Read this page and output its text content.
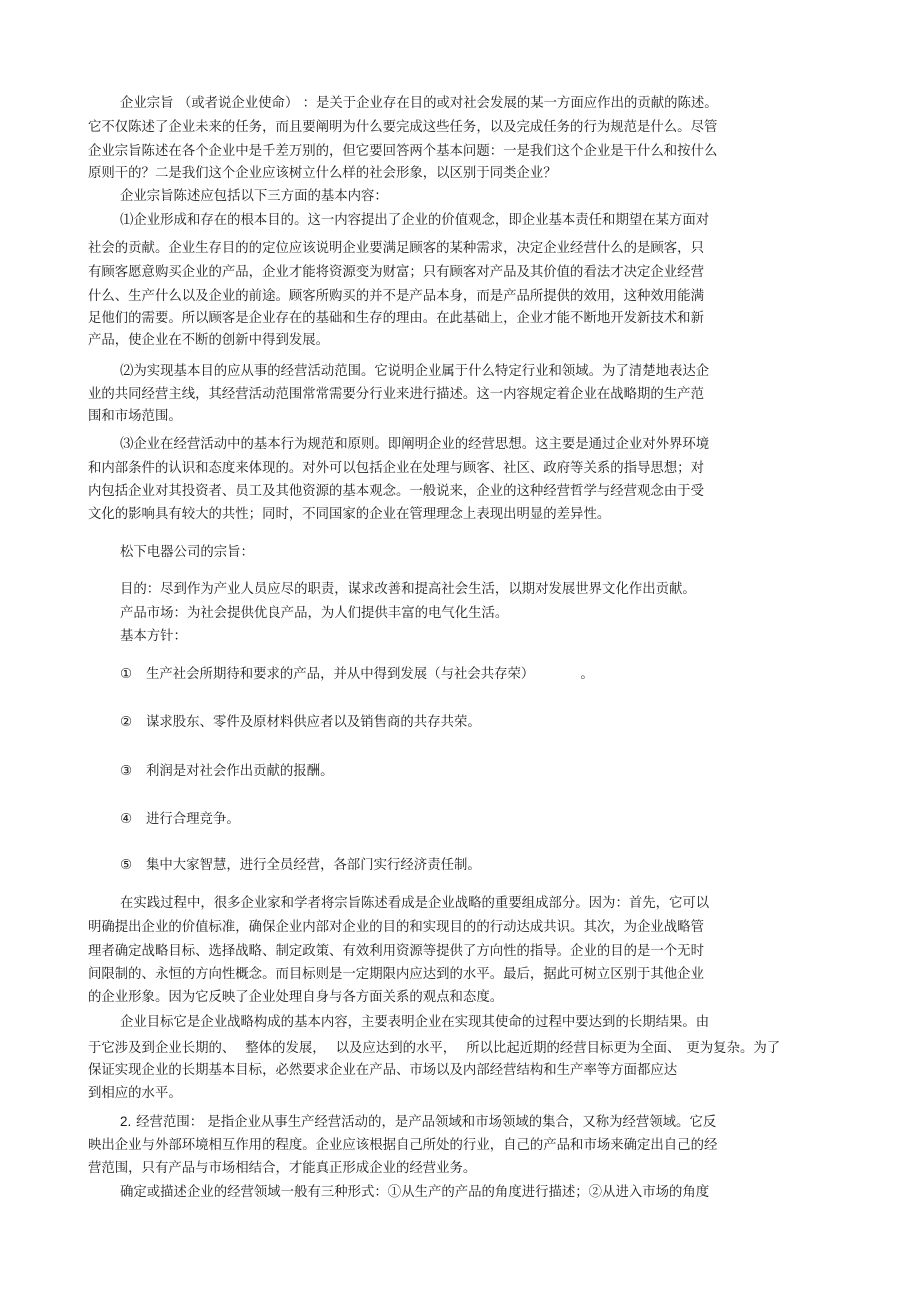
企业宗旨 （或者说企业使命） ：是关于企业存在目的或对社会发展的某一方面应作出的贡献的陈述。
它不仅陈述了企业未来的任务，而且要阐明为什么要完成这些任务，以及完成任务的行为规范是什么。尽管
企业宗旨陈述在各个企业中是千差万别的，但它要回答两个基本问题：一是我们这个企业是干什么和按什么
原则干的？二是我们这个企业应该树立什么样的社会形象，以区别于同类企业？
企业宗旨陈述应包括以下三方面的基本内容：
⑴企业形成和存在的根本目的。这一内容提出了企业的价值观念，即企业基本责任和期望在某方面对
社会的贡献。企业生存目的的定位应该说明企业要满足顾客的某种需求，决定企业经营什么的是顾客，只
有顾客愿意购买企业的产品，企业才能将资源变为财富；只有顾客对产品及其价值的看法才决定企业经营
什么、生产什么以及企业的前途。顾客所购买的并不是产品本身，而是产品所提供的效用，这种效用能满
足他们的需要。所以顾客是企业存在的基础和生存的理由。在此基础上，企业才能不断地开发新技术和新
产品，使企业在不断的创新中得到发展。
⑵为实现基本目的应从事的经营活动范围。它说明企业属于什么特定行业和领域。为了清楚地表达企
业的共同经营主线，其经营活动范围常常需要分行业来进行描述。这一内容规定着企业在战略期的生产范
围和市场范围。
⑶企业在经营活动中的基本行为规范和原则。即阐明企业的经营思想。这主要是通过企业对外界环境
和内部条件的认识和态度来体现的。对外可以包括企业在处理与顾客、社区、政府等关系的指导思想；对
内包括企业对其投资者、员工及其他资源的基本观念。一般说来，企业的这种经营哲学与经营观念由于受
文化的影响具有较大的共性；同时，不同国家的企业在管理理念上表现出明显的差异性。
松下电器公司的宗旨：
目的：尽到作为产业人员应尽的职责，谋求改善和提高社会生活，以期对发展世界文化作出贡献。
产品市场：为社会提供优良产品，为人们提供丰富的电气化生活。
基本方针：
① 生产社会所期待和要求的产品，并从中得到发展（与社会共存荣）	。
② 谋求股东、零件及原材料供应者以及销售商的共存共荣。
③ 利润是对社会作出贡献的报酬。
④ 进行合理竞争。
⑤ 集中大家智慧，进行全员经营，各部门实行经济责任制。
在实践过程中，很多企业家和学者将宗旨陈述看成是企业战略的重要组成部分。因为：首先，它可以
明确提出企业的价值标准，确保企业内部对企业的目的和实现目的的行动达成共识。其次，为企业战略管
理者确定战略目标、选择战略、制定政策、有效利用资源等提供了方向性的指导。企业的目的是一个无时
间限制的、永恒的方向性概念。而目标则是一定期限内应达到的水平。最后，据此可树立区别于其他企业
的企业形象。因为它反映了企业处理自身与各方面关系的观点和态度。
企业目标它是企业战略构成的基本内容，主要表明企业在实现其使命的过程中要达到的长期结果。由
于它涉及到企业长期的、 整体的发展， 以及应达到的水平， 所以比起近期的经营目标更为全面、 更为复杂。为了
保证实现企业的长期基本目标，必然要求企业在产品、市场以及内部经营结构和生产率等方面都应达
到相应的水平。
2. 经营范围： 是指企业从事生产经营活动的，是产品领域和市场领域的集合，又称为经营领域。它反
映出企业与外部环境相互作用的程度。企业应该根据自己所处的行业，自己的产品和市场来确定出自己的经
营范围，只有产品与市场相结合，才能真正形成企业的经营业务。
确定或描述企业的经营领域一般有三种形式：①从生产的产品的角度进行描述；②从进入市场的角度
